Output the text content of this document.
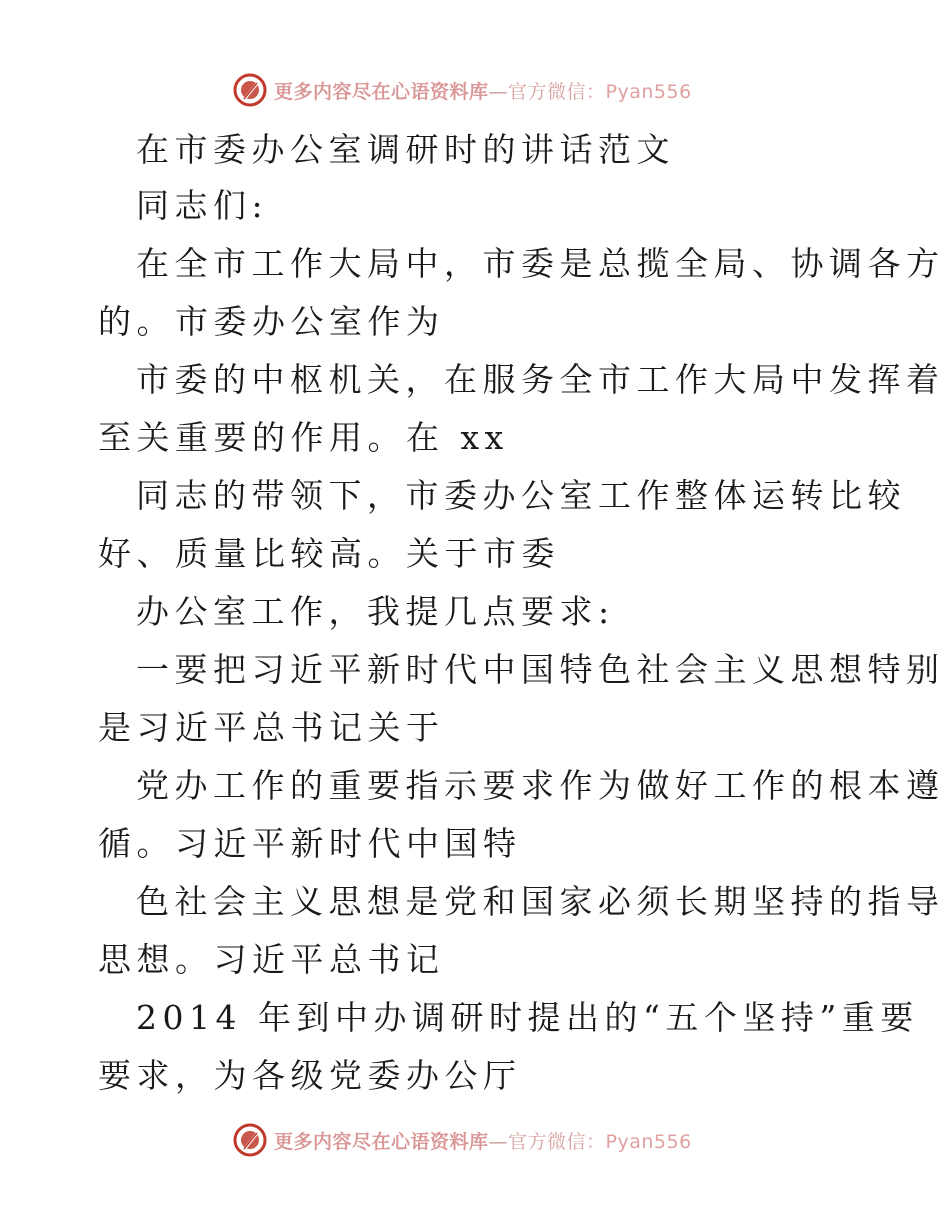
更多内容尽在心语资料库—官方微信：Pyan556
在市委办公室调研时的讲话范文
同志们:
在全市工作大局中，市委是总揽全局、协调各方
的。市委办公室作为
市委的中枢机关，在服务全市工作大局中发挥着
至关重要的作用。在 xx
同志的带领下，市委办公室工作整体运转比较
好、质量比较高。关于市委
办公室工作，我提几点要求:
一要把习近平新时代中国特色社会主义思想特别
是习近平总书记关于
党办工作的重要指示要求作为做好工作的根本遵
循。习近平新时代中国特
色社会主义思想是党和国家必须长期坚持的指导
思想。习近平总书记
2014 年到中办调研时提出的“五个坚持”重要
要求，为各级党委办公厅
更多内容尽在心语资料库—官方微信：Pyan556
